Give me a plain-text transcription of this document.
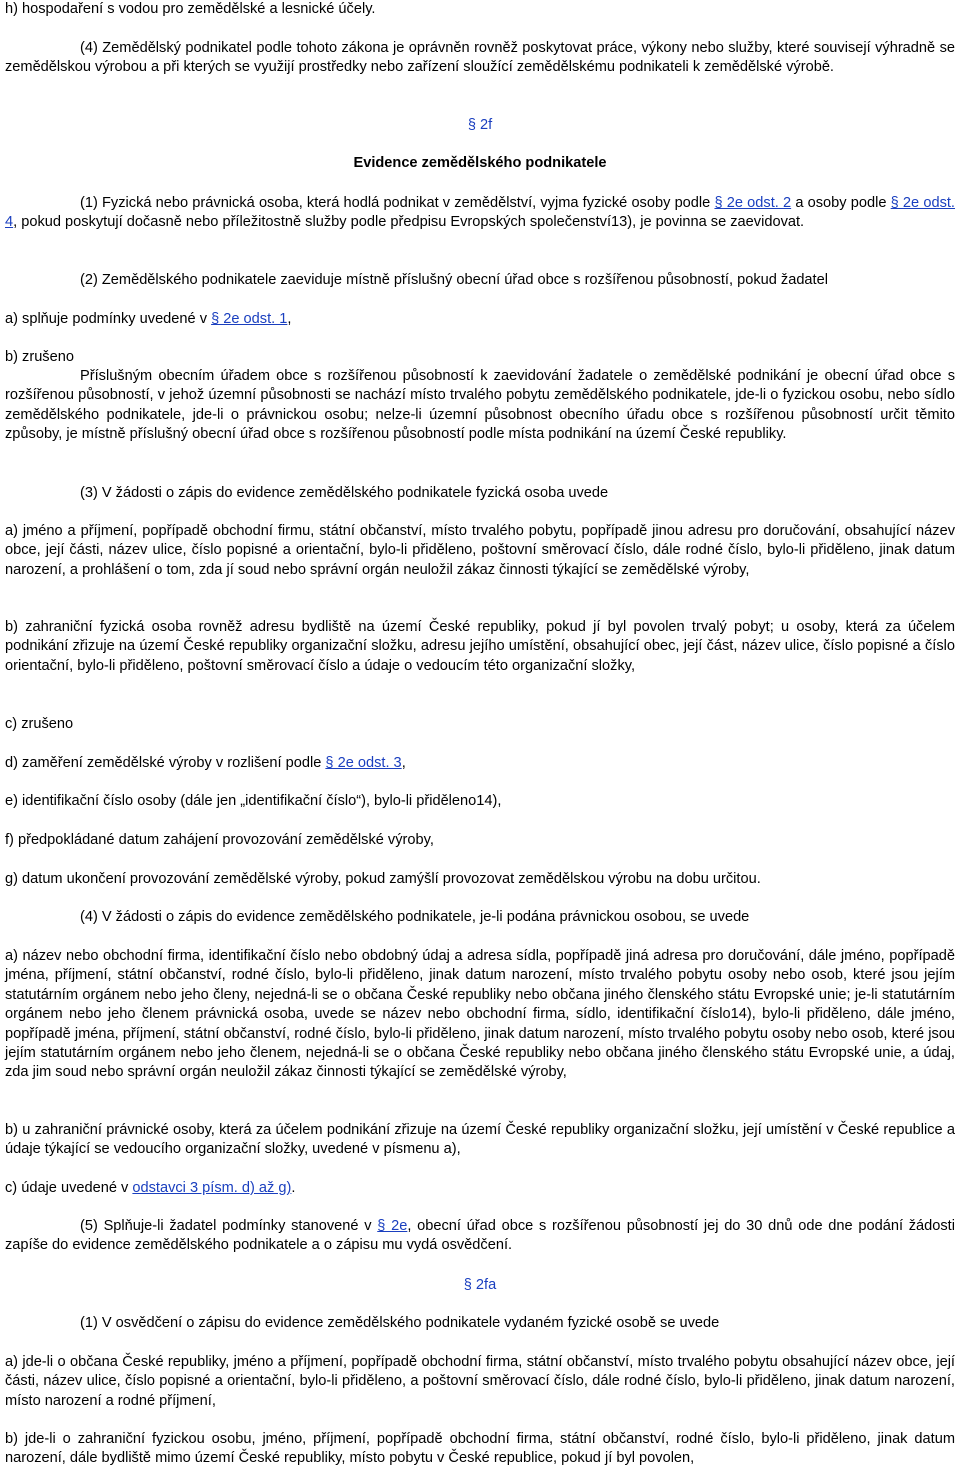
h) hospodaření s vodou pro zemědělské a lesnické účely.

(4) Zemědělský podnikatel podle tohoto zákona je oprávněn rovněž poskytovat práce, výkony nebo služby, které souvisejí výhradně se zemědělskou výrobou a při kterých se využijí prostředky nebo zařízení sloužící zemědělskému podnikateli k zemědělské výrobě.

§ 2f

Evidence zemědělského podnikatele

(1) Fyzická nebo právnická osoba, která hodlá podnikat v zemědělství, vyjma fyzické osoby podle § 2e odst. 2 a osoby podle § 2e odst. 4, pokud poskytují dočasně nebo příležitostně služby podle předpisu Evropských společenství13), je povinna se zaevidovat.

(2) Zemědělského podnikatele zaeviduje místně příslušný obecní úřad obce s rozšířenou působností, pokud žadatel

a) splňuje podmínky uvedené v § 2e odst. 1,

b) zrušeno

Příslušným obecním úřadem obce s rozšířenou působností k zaevidování žadatele o zemědělské podnikání je obecní úřad obce s rozšířenou působností, v jehož územní působnosti se nachází místo trvalého pobytu zemědělského podnikatele, jde-li o fyzickou osobu, nebo sídlo zemědělského podnikatele, jde-li o právnickou osobu; nelze-li územní působnost obecního úřadu obce s rozšířenou působností určit těmito způsoby, je místně příslušný obecní úřad obce s rozšířenou působností podle místa podnikání na území České republiky.

(3) V žádosti o zápis do evidence zemědělského podnikatele fyzická osoba uvede

a) jméno a příjmení, popřípadě obchodní firmu, státní občanství, místo trvalého pobytu, popřípadě jinou adresu pro doručování, obsahující název obce, její části, název ulice, číslo popisné a orientační, bylo-li přiděleno, poštovní směrovací číslo, dále rodné číslo, bylo-li přiděleno, jinak datum narození, a prohlášení o tom, zda jí soud nebo správní orgán neuložil zákaz činnosti týkající se zemědělské výroby,

b) zahraniční fyzická osoba rovněž adresu bydliště na území České republiky, pokud jí byl povolen trvalý pobyt; u osoby, která za účelem podnikání zřizuje na území České republiky organizační složku, adresu jejího umístění, obsahující obec, její část, název ulice, číslo popisné a číslo orientační, bylo-li přiděleno, poštovní směrovací číslo a údaje o vedoucím této organizační složky,

c) zrušeno

d) zaměření zemědělské výroby v rozlišení podle § 2e odst. 3,

e) identifikační číslo osoby (dále jen „identifikační číslo“), bylo-li přiděleno14),

f) předpokládané datum zahájení provozování zemědělské výroby,

g) datum ukončení provozování zemědělské výroby, pokud zamýšlí provozovat zemědělskou výrobu na dobu určitou.

(4) V žádosti o zápis do evidence zemědělského podnikatele, je-li podána právnickou osobou, se uvede

a) název nebo obchodní firma, identifikační číslo nebo obdobný údaj a adresa sídla, popřípadě jiná adresa pro doručování, dále jméno, popřípadě jména, příjmení, státní občanství, rodné číslo, bylo-li přiděleno, jinak datum narození, místo trvalého pobytu osoby nebo osob, které jsou jejím statutárním orgánem nebo jeho členy, nejedná-li se o občana České republiky nebo občana jiného členského státu Evropské unie; je-li statutárním orgánem nebo jeho členem právnická osoba, uvede se název nebo obchodní firma, sídlo, identifikační číslo14), bylo-li přiděleno, dále jméno, popřípadě jména, příjmení, státní občanství, rodné číslo, bylo-li přiděleno, jinak datum narození, místo trvalého pobytu osoby nebo osob, které jsou jejím statutárním orgánem nebo jeho členem, nejedná-li se o občana České republiky nebo občana jiného členského státu Evropské unie, a údaj, zda jim soud nebo správní orgán neuložil zákaz činnosti týkající se zemědělské výroby,

b) u zahraniční právnické osoby, která za účelem podnikání zřizuje na území České republiky organizační složku, její umístění v České republice a údaje týkající se vedoucího organizační složky, uvedené v písmenu a),

c) údaje uvedené v odstavci 3 písm. d) až g).

(5) Splňuje-li žadatel podmínky stanovené v § 2e, obecní úřad obce s rozšířenou působností jej do 30 dnů ode dne podání žádosti zapíše do evidence zemědělského podnikatele a o zápisu mu vydá osvědčení.

§ 2fa

(1) V osvědčení o zápisu do evidence zemědělského podnikatele vydaném fyzické osobě se uvede

a) jde-li o občana České republiky, jméno a příjmení, popřípadě obchodní firma, státní občanství, místo trvalého pobytu obsahující název obce, její části, název ulice, číslo popisné a orientační, bylo-li přiděleno, a poštovní směrovací číslo, dále rodné číslo, bylo-li přiděleno, jinak datum narození, místo narození a rodné příjmení,

b) jde-li o zahraniční fyzickou osobu, jméno, příjmení, popřípadě obchodní firma, státní občanství, rodné číslo, bylo-li přiděleno, jinak datum narození, dále bydliště mimo území České republiky, místo pobytu v České republice, pokud jí byl povolen,
